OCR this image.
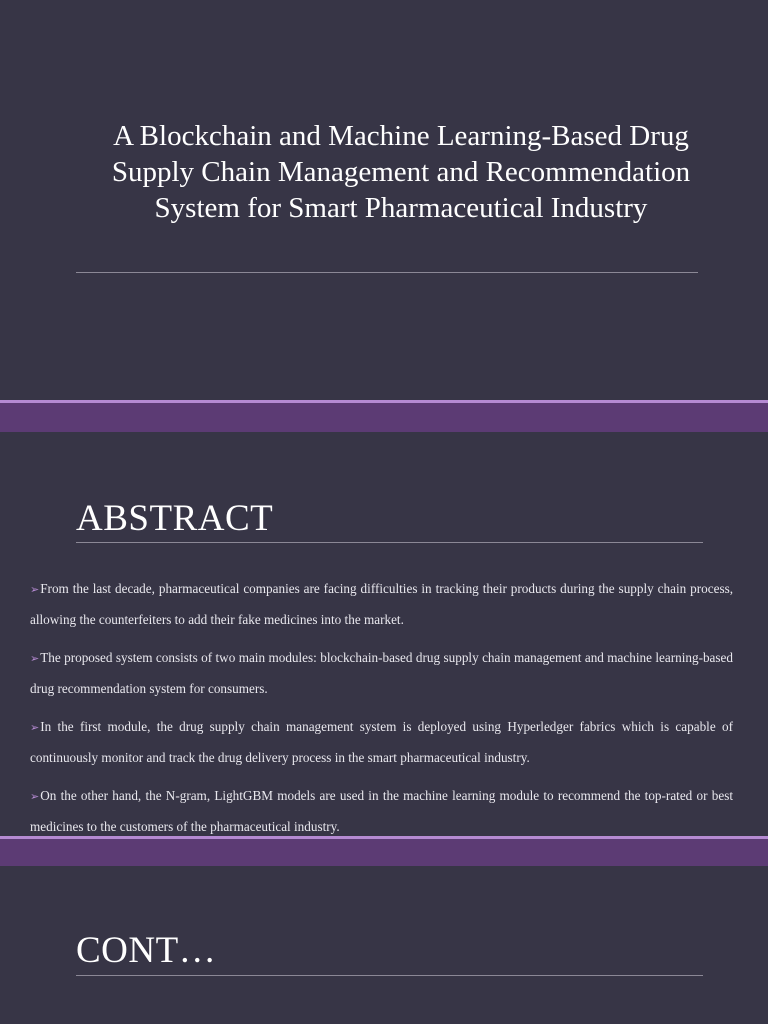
A Blockchain and Machine Learning-Based Drug Supply Chain Management and Recommendation System for Smart Pharmaceutical Industry
ABSTRACT
➢From the last decade, pharmaceutical companies are facing difficulties in tracking their products during the supply chain process, allowing the counterfeiters to add their fake medicines into the market.
➢The proposed system consists of two main modules: blockchain-based drug supply chain management and machine learning-based drug recommendation system for consumers.
➢In the first module, the drug supply chain management system is deployed using Hyperledger fabrics which is capable of continuously monitor and track the drug delivery process in the smart pharmaceutical industry.
➢On the other hand, the N-gram, LightGBM models are used in the machine learning module to recommend the top-rated or best medicines to the customers of the pharmaceutical industry.
CONT…
